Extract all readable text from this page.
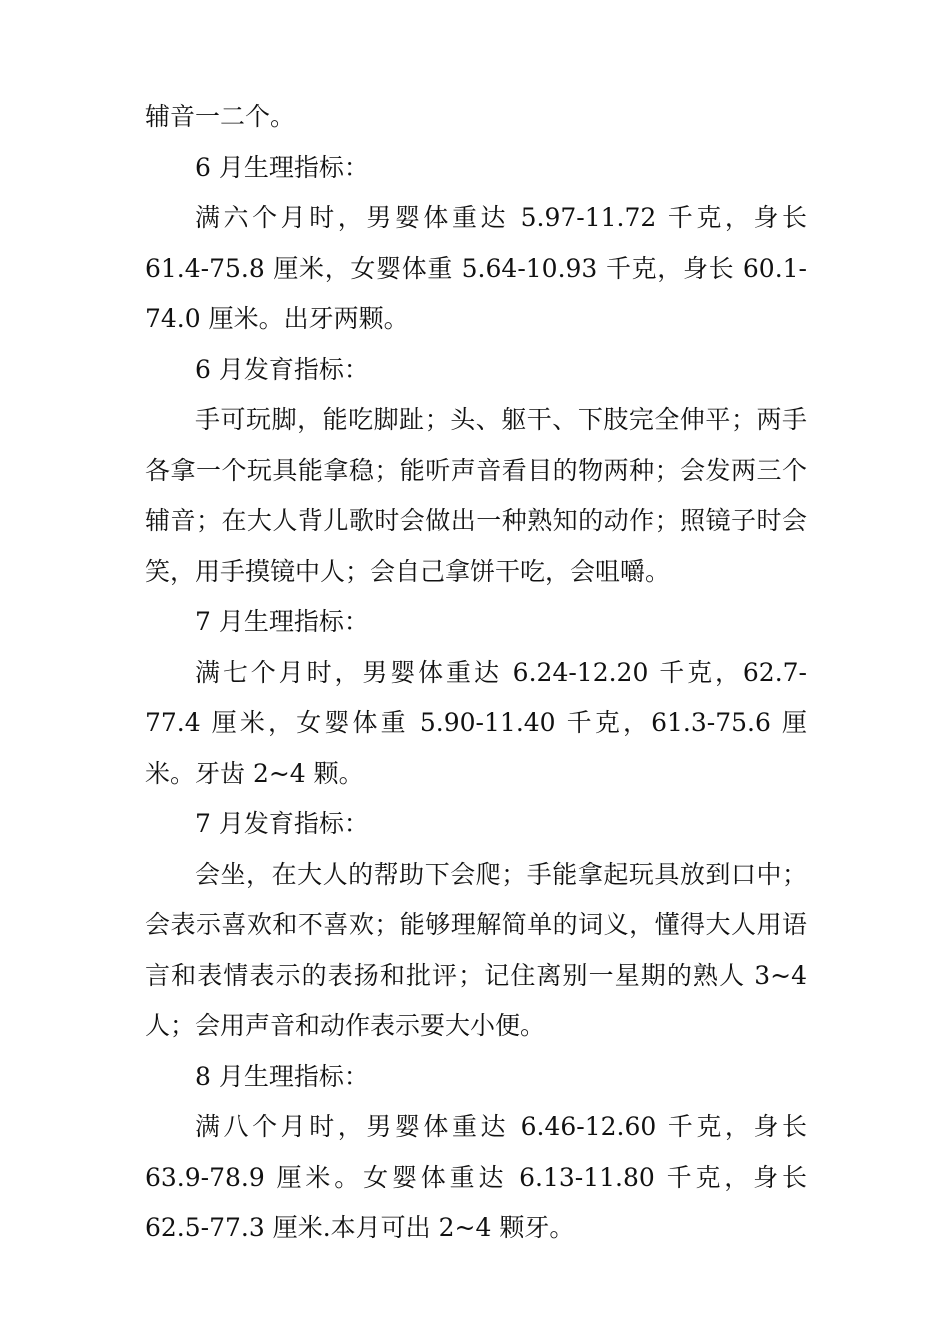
辅音一二个。

6 月生理指标：

满六个月时，男婴体重达 5.97-11.72 千克，身长 61.4-75.8 厘米，女婴体重 5.64-10.93 千克，身长 60.1-74.0 厘米。出牙两颗。

6 月发育指标：

手可玩脚，能吃脚趾；头、躯干、下肢完全伸平；两手各拿一个玩具能拿稳；能听声音看目的物两种；会发两三个辅音；在大人背儿歌时会做出一种熟知的动作；照镜子时会笑，用手摸镜中人；会自己拿饼干吃，会咀嚼。

7 月生理指标：

满七个月时，男婴体重达 6.24-12.20 千克，62.7-77.4 厘米，女婴体重 5.90-11.40 千克，61.3-75.6 厘米。牙齿 2~4 颗。

7 月发育指标：

会坐，在大人的帮助下会爬；手能拿起玩具放到口中；会表示喜欢和不喜欢；能够理解简单的词义，懂得大人用语言和表情表示的表扬和批评；记住离别一星期的熟人 3~4 人；会用声音和动作表示要大小便。

8 月生理指标：

满八个月时，男婴体重达 6.46-12.60 千克，身长 63.9-78.9 厘米。女婴体重达 6.13-11.80 千克，身长 62.5-77.3 厘米.本月可出 2~4 颗牙。
